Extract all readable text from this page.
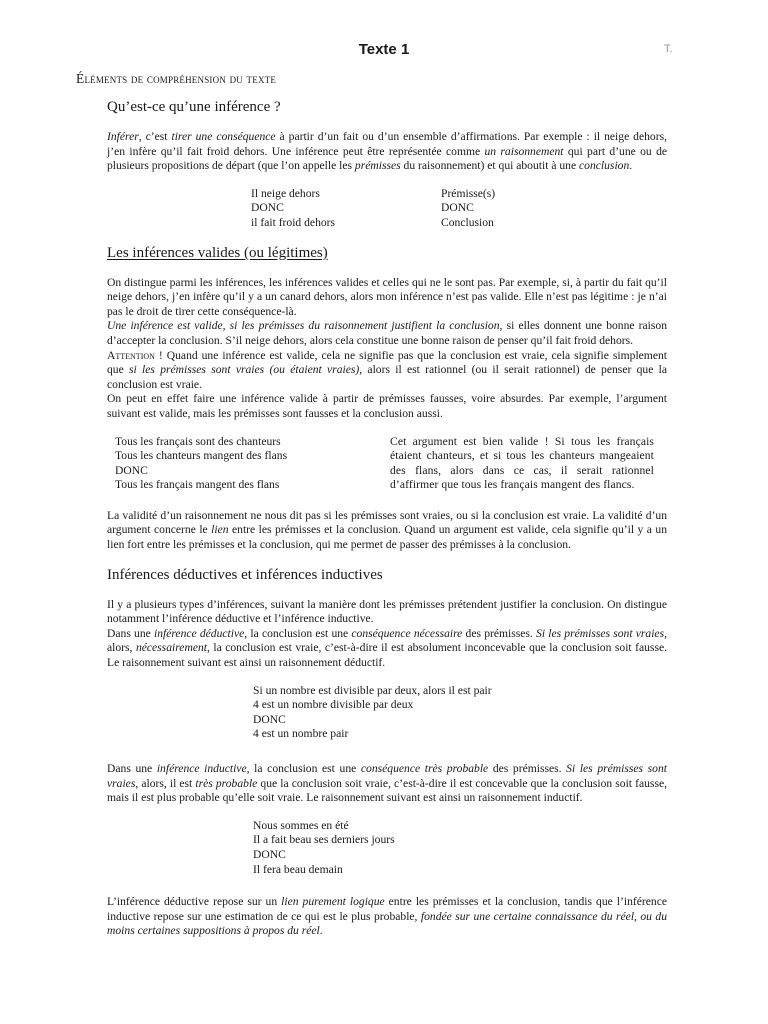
Texte 1	T.
Éléments de compréhension du texte
Qu’est-ce qu’une inférence ?

Inférer, c’est tirer une conséquence à partir d’un fait ou d’un ensemble d’affirmations. Par exemple : il neige dehors, j’en infère qu’il fait froid dehors. Une inférence peut être représentée comme un raisonnement qui part d’une ou de plusieurs propositions de départ (que l’on appelle les prémisses du raisonnement) et qui aboutit à une conclusion.

Il neige dehors
DONC
il fait froid dehors
Prémisse(s)
DONC
Conclusion
Les inférences valides (ou légitimes)

On distingue parmi les inférences, les inférences valides et celles qui ne le sont pas. Par exemple, si, à partir du fait qu’il neige dehors, j’en infère qu’il y a un canard dehors, alors mon inférence n’est pas valide. Elle n’est pas légitime : je n’ai pas le droit de tirer cette conséquence-là.

Une inférence est valide, si les prémisses du raisonnement justifient la conclusion, si elles donnent une bonne raison d’accepter la conclusion. S’il neige dehors, alors cela constitue une bonne raison de penser qu’il fait froid dehors.

Attention ! Quand une inférence est valide, cela ne signifie pas que la conclusion est vraie, cela signifie simplement que si les prémisses sont vraies (ou étaient vraies), alors il est rationnel (ou il serait rationnel) de penser que la conclusion est vraie.

On peut en effet faire une inférence valide à partir de prémisses fausses, voire absurdes. Par exemple, l’argument suivant est valide, mais les prémisses sont fausses et la conclusion aussi.

Tous les français sont des chanteurs
Tous les chanteurs mangent des flans
DONC
Tous les français mangent des flans

Cet argument est bien valide ! Si tous les français étaient chanteurs, et si tous les chanteurs mangeaient des flans, alors dans ce cas, il serait rationnel d’affirmer que tous les français mangent des flancs.

La validité d’un raisonnement ne nous dit pas si les prémisses sont vraies, ou si la conclusion est vraie. La validité d’un argument concerne le lien entre les prémisses et la conclusion. Quand un argument est valide, cela signifie qu’il y a un lien fort entre les prémisses et la conclusion, qui me permet de passer des prémisses à la conclusion.

Inférences déductives et inférences inductives

Il y a plusieurs types d’inférences, suivant la manière dont les prémisses prétendent justifier la conclusion. On distingue notamment l’inférence déductive et l’inférence inductive.

Dans une inférence déductive, la conclusion est une conséquence nécessaire des prémisses. Si les prémisses sont vraies, alors, nécessairement, la conclusion est vraie, c’est-à-dire il est absolument inconcevable que la conclusion soit fausse. Le raisonnement suivant est ainsi un raisonnement déductif.

Si un nombre est divisible par deux, alors il est pair
4 est un nombre divisible par deux
DONC
4 est un nombre pair

Dans une inférence inductive, la conclusion est une conséquence très probable des prémisses. Si les prémisses sont vraies, alors, il est très probable que la conclusion soit vraie, c’est-à-dire il est concevable que la conclusion soit fausse, mais il est plus probable qu’elle soit vraie. Le raisonnement suivant est ainsi un raisonnement inductif.

Nous sommes en été
Il a fait beau ses derniers jours
DONC
Il fera beau demain

L’inférence déductive repose sur un lien purement logique entre les prémisses et la conclusion, tandis que l’inférence inductive repose sur une estimation de ce qui est le plus probable, fondée sur une certaine connaissance du réel, ou du moins certaines suppositions à propos du réel.
